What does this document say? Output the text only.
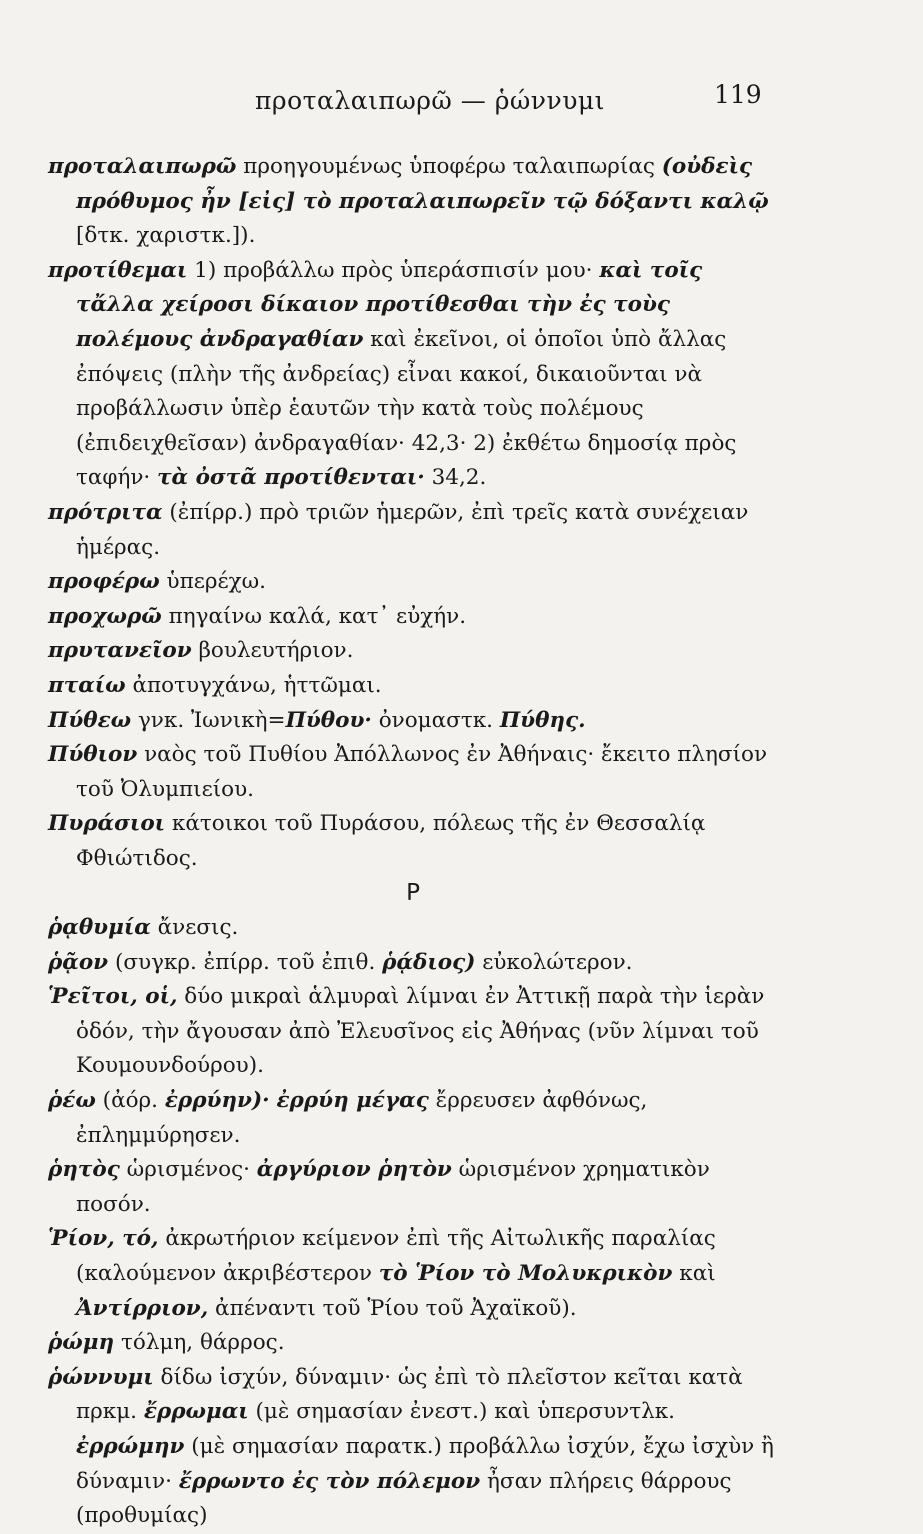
προταλαιπωρῶ — ῥώννυμι	119

προταλαιπωρῶ προηγουμένως ὑποφέρω ταλαιπωρίας (οὐδεὶς πρόθυμος ἦν [εἰς] τὸ προταλαιπωρεῖν τῷ δόξαντι καλῷ [δτκ. χαριστκ.]).

προτίθεμαι 1) προβάλλω πρὸς ὑπεράσπισίν μου· καὶ τοῖς τἄλλα χείροσι δίκαιον προτίθεσθαι τὴν ἐς τοὺς πολέμους ἀνδραγαθίαν καὶ ἐκεῖνοι, οἱ ὁποῖοι ὑπὸ ἄλλας ἐπόψεις (πλὴν τῆς ἀνδρείας) εἶναι κακοί, δικαιοῦνται νὰ προβάλλωσιν ὑπὲρ ἑαυτῶν τὴν κατὰ τοὺς πολέμους (ἐπιδειχθεῖσαν) ἀνδραγαθίαν· 42,3· 2) ἐκθέτω δημοσίᾳ πρὸς ταφήν· τὰ ὀστᾶ προτίθενται· 34,2.

πρότριτα (ἐπίρρ.) πρὸ τριῶν ἡμερῶν, ἐπὶ τρεῖς κατὰ συνέχειαν ἡμέρας.

προφέρω ὑπερέχω.

προχωρῶ πηγαίνω καλά, κατ᾽ εὐχήν.

πρυτανεῖον βουλευτήριον.

πταίω ἀποτυγχάνω, ἡττῶμαι.

Πύθεω γνκ. Ἰωνικὴ=Πύθου· ὀνομαστκ. Πύθης.

Πύθιον ναὸς τοῦ Πυθίου Ἀπόλλωνος ἐν Ἀθήναις· ἔκειτο πλησίον τοῦ Ὀλυμπιείου.

Πυράσιοι κάτοικοι τοῦ Πυράσου, πόλεως τῆς ἐν Θεσσαλίᾳ Φθιώτιδος.

Ρ

ῥᾳθυμία ἄνεσις.

ῥᾷον (συγκρ. ἐπίρρ. τοῦ ἐπιθ. ῥᾴδιος) εὐκολώτερον.

Ῥεῖτοι, οἱ, δύο μικραὶ ἁλμυραὶ λίμναι ἐν Ἀττικῇ παρὰ τὴν ἱερὰν ὁδόν, τὴν ἄγουσαν ἀπὸ Ἐλευσῖνος εἰς Ἀθήνας (νῦν λίμναι τοῦ Κουμουνδούρου).

ῥέω (ἀόρ. ἐρρύην)· ἐρρύη μέγας ἔρρευσεν ἀφθόνως, ἐπλημμύρησεν.

ῥητὸς ὡρισμένος· ἀργύριον ῥητὸν ὡρισμένον χρηματικὸν ποσόν.

Ῥίον, τό, ἀκρωτήριον κείμενον ἐπὶ τῆς Αἰτωλικῆς παραλίας (καλούμενον ἀκριβέστερον τὸ Ῥίον τὸ Μολυκρικὸν καὶ Ἀντίρριον, ἀπέναντι τοῦ Ῥίου τοῦ Ἀχαϊκοῦ).

ῥώμη τόλμη, θάρρος.

ῥώννυμι δίδω ἰσχύν, δύναμιν· ὡς ἐπὶ τὸ πλεῖστον κεῖται κατὰ πρκμ. ἔρρωμαι (μὲ σημασίαν ἐνεστ.) καὶ ὑπερσυντλκ. ἐρρώμην (μὲ σημασίαν παρατκ.) προβάλλω ἰσχύν, ἔχω ἰσχὺν ἢ δύναμιν· ἔρρωντο ἐς τὸν πόλεμον ἦσαν πλήρεις θάρρους (προθυμίας)
